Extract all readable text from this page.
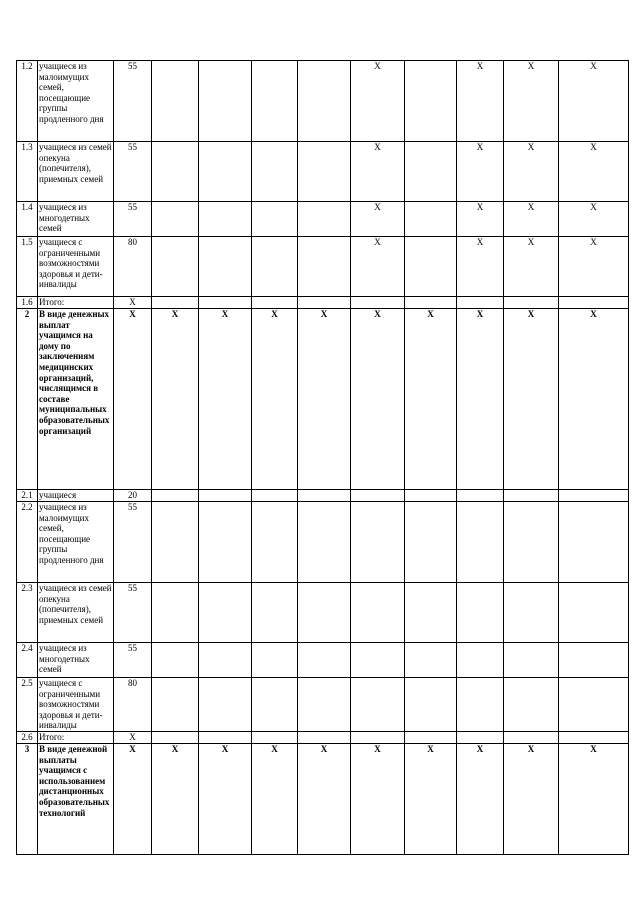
1.2	учащиеся из малоимущих семей, посещающие группы продленного дня	55					X		X	X	X
1.3	учащиеся из семей опекуна (попечителя), приемных семей	55					X		X	X	X
1.4	учащиеся из многодетных семей	55					X		X	X	X
1.5	учащиеся с ограниченными возможностями здоровья и дети-инвалиды	80					X		X	X	X
1.6	Итого:	X									
2	В виде денежных выплат учащимся на дому по заключениям медицинских организаций, числящимся в составе муниципальных образовательных организаций	X	X	X	X	X	X	X	X	X	X
2.1	учащиеся	20									
2.2	учащиеся из малоимущих семей, посещающие группы продленного дня	55									
2.3	учащиеся из семей опекуна (попечителя), приемных семей	55									
2.4	учащиеся из многодетных семей	55									
2.5	учащиеся с ограниченными возможностями здоровья и дети-инвалиды	80									
2.6	Итого:	X									
3	В виде денежной выплаты учащимся с использованием дистанционных образовательных технологий	X	X	X	X	X	X	X	X	X	X
